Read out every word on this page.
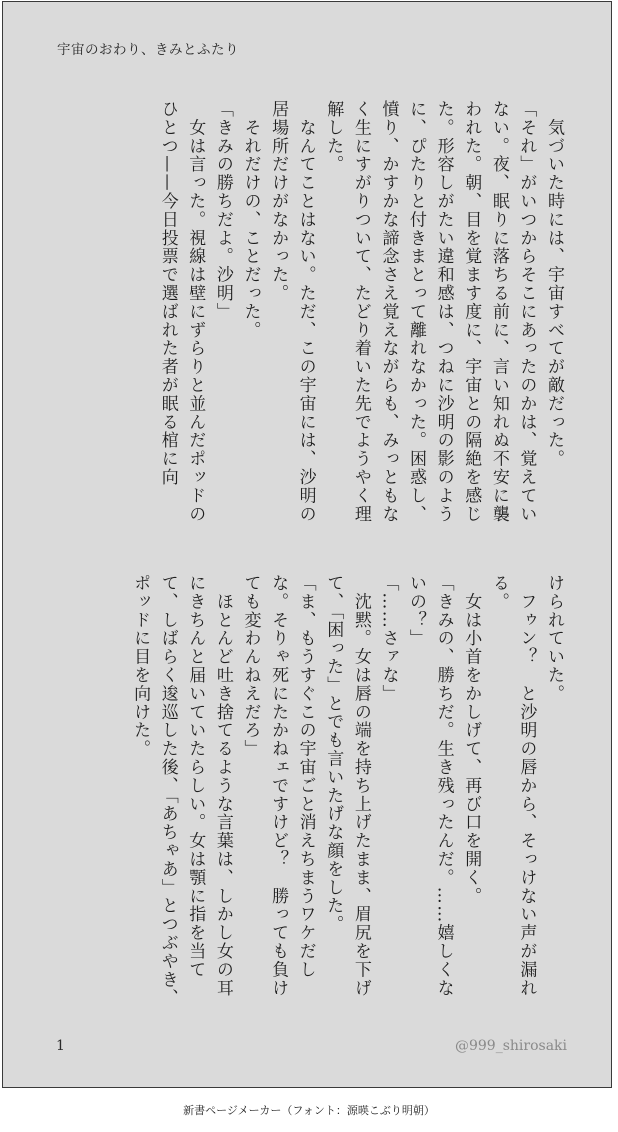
宇宙のおわり、きみとふたり

　気づいた時には、宇宙すべてが敵だった。

「それ」がいつからそこにあったのかは、覚えていない。夜、眠りに落ちる前に、言い知れぬ不安に襲われた。朝、目を覚ます度に、宇宙との隔絶を感じた。形容しがたい違和感は、つねに沙明の影のように、ぴたりと付きまとって離れなかった。困惑し、憤り、かすかな諦念さえ覚えながらも、みっともなく生にすがりついて、たどり着いた先でようやく理解した。

　なんてことはない。ただ、この宇宙には、沙明の居場所だけがなかった。

　それだけの、ことだった。

「きみの勝ちだよ。沙明」

　女は言った。視線は壁にずらりと並んだポッドのひとつ——今日投票で選ばれた者が眠る棺に向

けられていた。

　フゥン？　と沙明の唇から、そっけない声が漏れる。

　女は小首をかしげて、再び口を開く。

「きみの、勝ちだ。生き残ったんだ。……嬉しくないの？」

「……さァな」

　沈黙。女は唇の端を持ち上げたまま、眉尻を下げて、「困った」とでも言いたげな顔をした。

「ま、もうすぐこの宇宙ごと消えちまうワケだしな。そりゃ死にたかねェですけど？　勝っても負けても変わんねえだろ」

　ほとんど吐き捨てるような言葉は、しかし女の耳にきちんと届いていたらしい。女は顎に指を当てて、しばらく逡巡した後、「あちゃあ」とつぶやき、ポッドに目を向けた。

1	@999_shirosaki
新書ページメーカー（フォント：源暎こぶり明朝）
